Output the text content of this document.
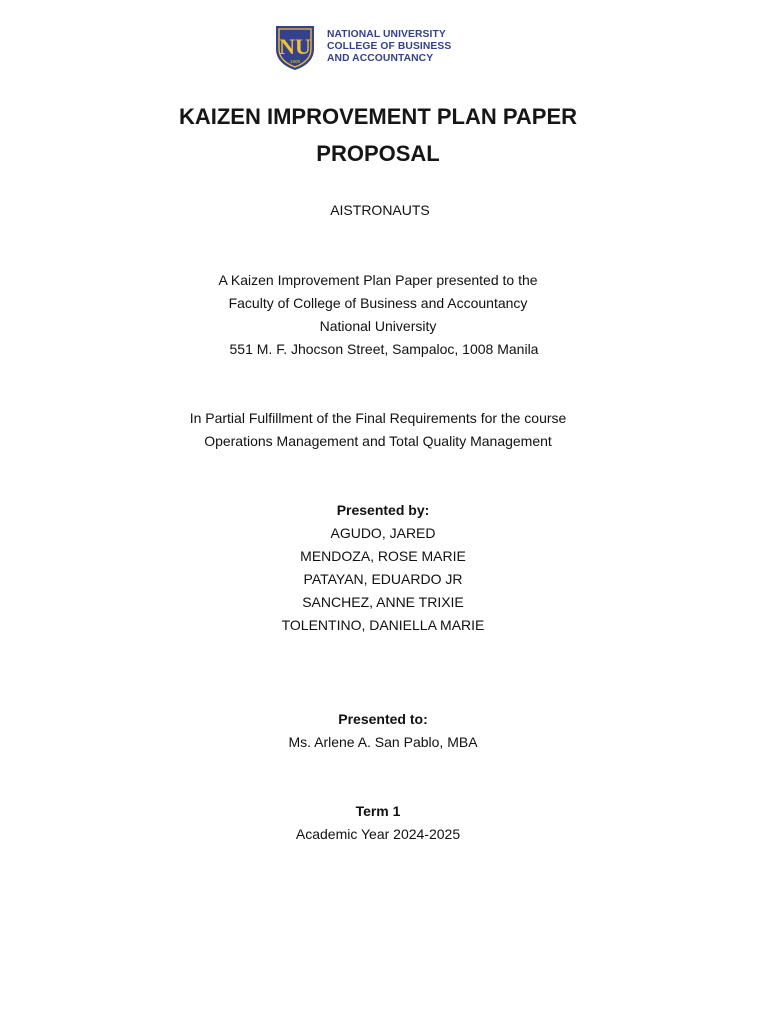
NU
1900
NATIONAL UNIVERSITY
COLLEGE OF BUSINESS
AND ACCOUNTANCY
KAIZEN IMPROVEMENT PLAN PAPER
PROPOSAL
AISTRONAUTS
A Kaizen Improvement Plan Paper presented to the
Faculty of College of Business and Accountancy
National University
551 M. F. Jhocson Street, Sampaloc, 1008 Manila
In Partial Fulfillment of the Final Requirements for the course
Operations Management and Total Quality Management
Presented by:
AGUDO, JARED
MENDOZA, ROSE MARIE
PATAYAN, EDUARDO JR
SANCHEZ, ANNE TRIXIE
TOLENTINO, DANIELLA MARIE
Presented to:
Ms. Arlene A. San Pablo, MBA
Term 1
Academic Year 2024-2025
